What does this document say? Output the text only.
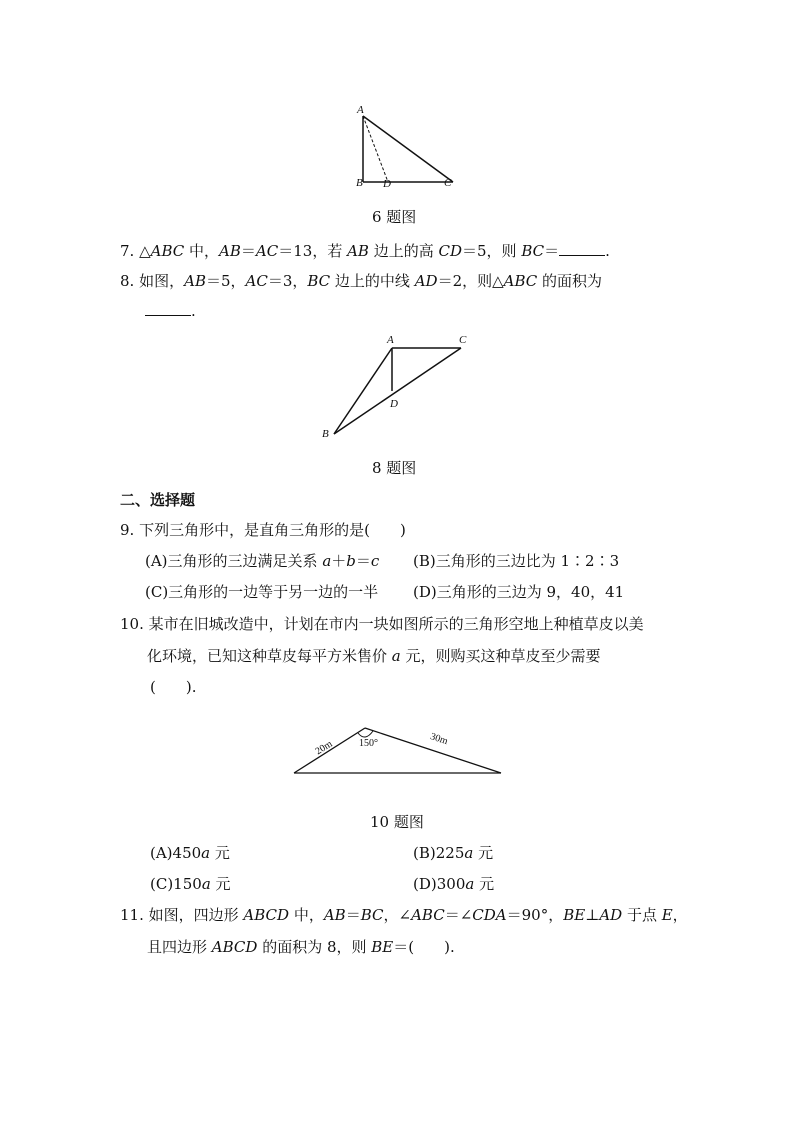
A
B D	C
6 题图
7. △ABC 中，AB＝AC＝13，若 AB 边上的高 CD＝5，则 BC＝	.
8. 如图，AB＝5，AC＝3，BC 边上的中线 AD＝2，则△ABC 的面积为
.
A	C
D
B
8 题图
二、选择题
9. 下列三角形中，是直角三角形的是(　　)
(A)三角形的三边满足关系 a＋b＝c (B)三角形的三边比为 1∶2∶3
(C)三角形的一边等于另一边的一半 (D)三角形的三边为 9，40，41
10. 某市在旧城改造中，计划在市内一块如图所示的三角形空地上种植草皮以美
化环境，已知这种草皮每平方米售价 a 元，则购买这种草皮至少需要
(　　).
20m 150°	30m
10 题图
(A)450a 元	(B)225a 元
(C)150a 元	(D)300a 元
11. 如图，四边形 ABCD 中，AB＝BC，∠ABC＝∠CDA＝90°，BE⊥AD 于点 E，
且四边形 ABCD 的面积为 8，则 BE＝(　　).
